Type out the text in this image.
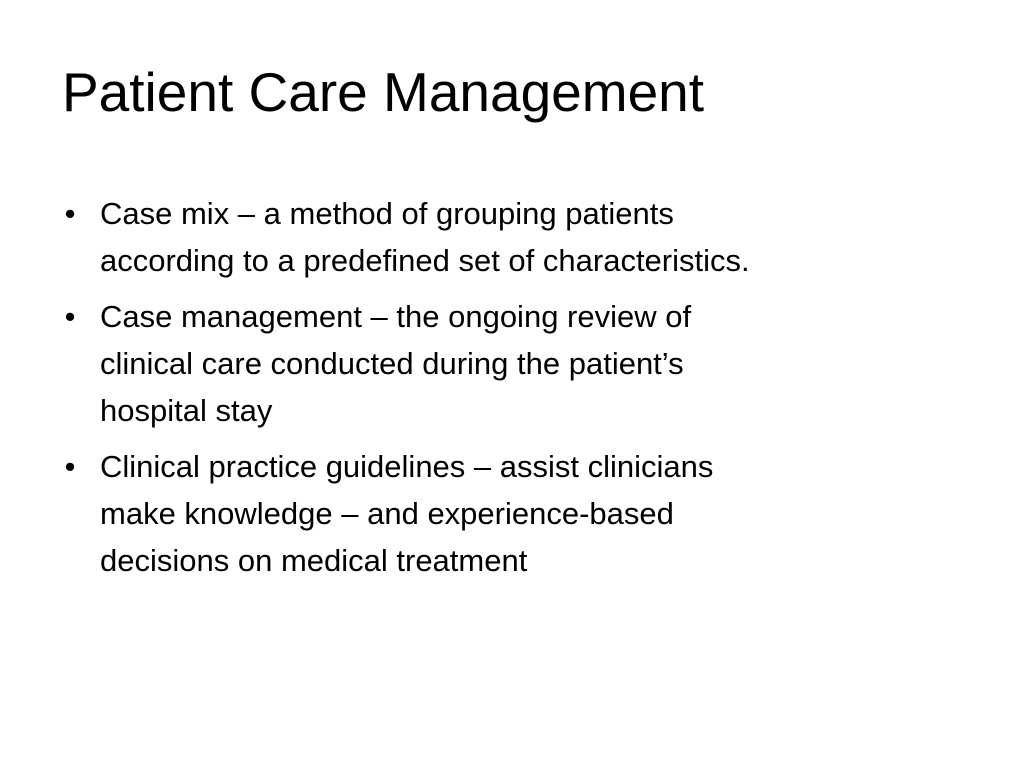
Patient Care Management
• Case mix – a method of grouping patients
according to a predefined set of characteristics.
• Case management – the ongoing review of
clinical care conducted during the patient’s
hospital stay
• Clinical practice guidelines – assist clinicians
make knowledge – and experience-based
decisions on medical treatment
